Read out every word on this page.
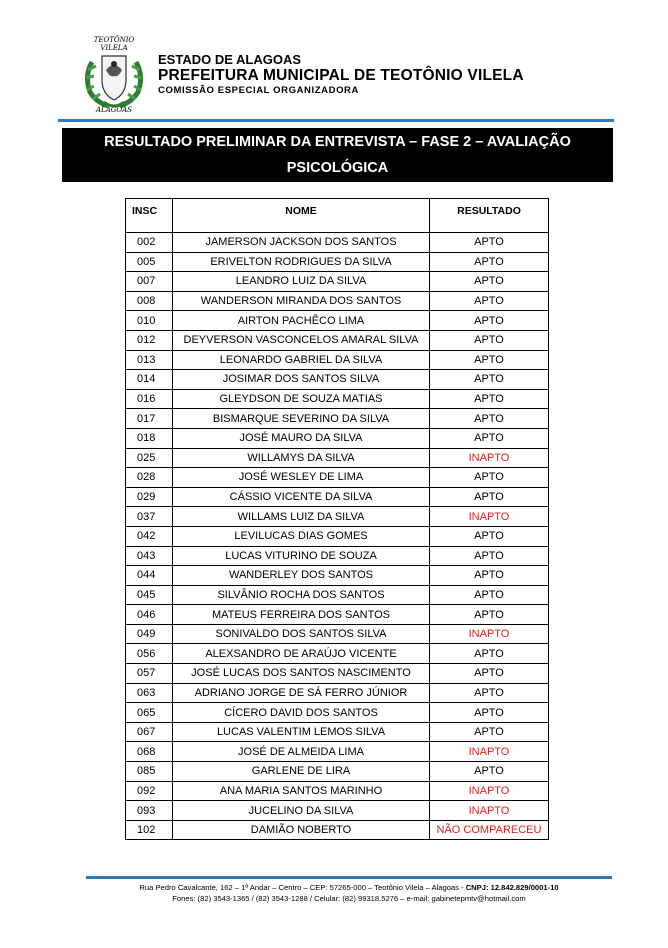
TEOTÔNIO VILELA
ALAGOAS
ESTADO DE ALAGOAS
PREFEITURA MUNICIPAL DE TEOTÔNIO VILELA
COMISSÃO ESPECIAL ORGANIZADORA
RESULTADO PRELIMINAR DA ENTREVISTA – FASE 2 – AVALIAÇÃO PSICOLÓGICA
INSC	NOME	RESULTADO
002	JAMERSON JACKSON DOS SANTOS	APTO
005	ERIVELTON RODRIGUES DA SILVA	APTO
007	LEANDRO LUIZ DA SILVA	APTO
008	WANDERSON MIRANDA DOS SANTOS	APTO
010	AIRTON PACHÊCO LIMA	APTO
012	DEYVERSON VASCONCELOS AMARAL SILVA	APTO
013	LEONARDO GABRIEL DA SILVA	APTO
014	JOSIMAR DOS SANTOS SILVA	APTO
016	GLEYDSON DE SOUZA MATIAS	APTO
017	BISMARQUE SEVERINO DA SILVA	APTO
018	JOSÉ MAURO DA SILVA	APTO
025	WILLAMYS DA SILVA	INAPTO
028	JOSÉ WESLEY DE LIMA	APTO
029	CÁSSIO VICENTE DA SILVA	APTO
037	WILLAMS LUIZ DA SILVA	INAPTO
042	LEVILUCAS DIAS GOMES	APTO
043	LUCAS VITURINO DE SOUZA	APTO
044	WANDERLEY DOS SANTOS	APTO
045	SILVÂNIO ROCHA DOS SANTOS	APTO
046	MATEUS FERREIRA DOS SANTOS	APTO
049	SONIVALDO DOS SANTOS SILVA	INAPTO
056	ALEXSANDRO DE ARAÚJO VICENTE	APTO
057	JOSÉ LUCAS DOS SANTOS NASCIMENTO	APTO
063	ADRIANO JORGE DE SÁ FERRO JÚNIOR	APTO
065	CÍCERO DAVID DOS SANTOS	APTO
067	LUCAS VALENTIM LEMOS SILVA	APTO
068	JOSÉ DE ALMEIDA LIMA	INAPTO
085	GARLENE DE LIRA	APTO
092	ANA MARIA SANTOS MARINHO	INAPTO
093	JUCELINO DA SILVA	INAPTO
102	DAMIÃO NOBERTO	NÃO COMPARECEU
Rua Pedro Cavalcante, 162 – 1º Andar – Centro – CEP: 57265-000 – Teotônio Vilela – Alagoas - CNPJ: 12.842.829/0001-10
Fones: (82) 3543-1365 / (82) 3543-1288 / Celular: (82) 99318.5276 – e-mail: gabinetepmtv@hotmail.com
